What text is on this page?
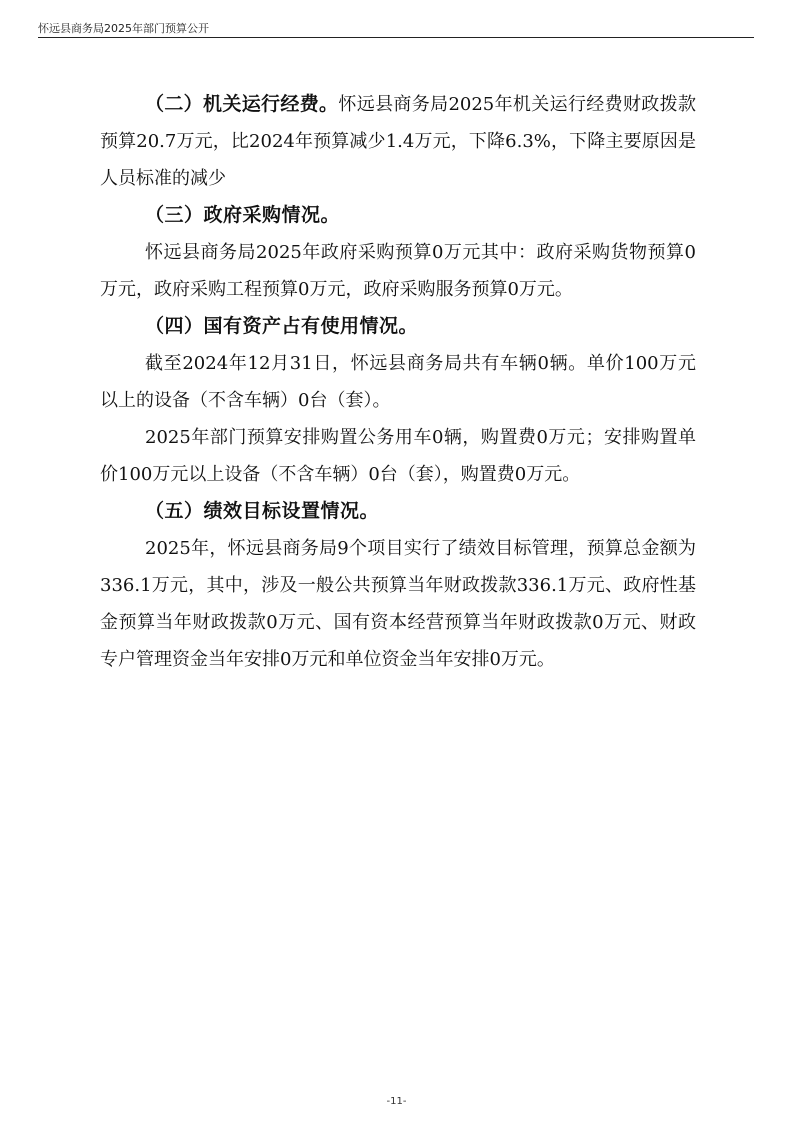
怀远县商务局2025年部门预算公开

（二）机关运行经费。怀远县商务局2025年机关运行经费财政拨款预算20.7万元，比2024年预算减少1.4万元，下降6.3%，下降主要原因是人员标准的减少

（三）政府采购情况。

怀远县商务局2025年政府采购预算0万元其中：政府采购货物预算0万元，政府采购工程预算0万元，政府采购服务预算0万元。

（四）国有资产占有使用情况。

截至2024年12月31日，怀远县商务局共有车辆0辆。单价100万元以上的设备（不含车辆）0台（套）。

2025年部门预算安排购置公务用车0辆，购置费0万元；安排购置单价100万元以上设备（不含车辆）0台（套），购置费0万元。

（五）绩效目标设置情况。

2025年，怀远县商务局9个项目实行了绩效目标管理，预算总金额为336.1万元，其中，涉及一般公共预算当年财政拨款336.1万元、政府性基金预算当年财政拨款0万元、国有资本经营预算当年财政拨款0万元、财政专户管理资金当年安排0万元和单位资金当年安排0万元。

-11-
